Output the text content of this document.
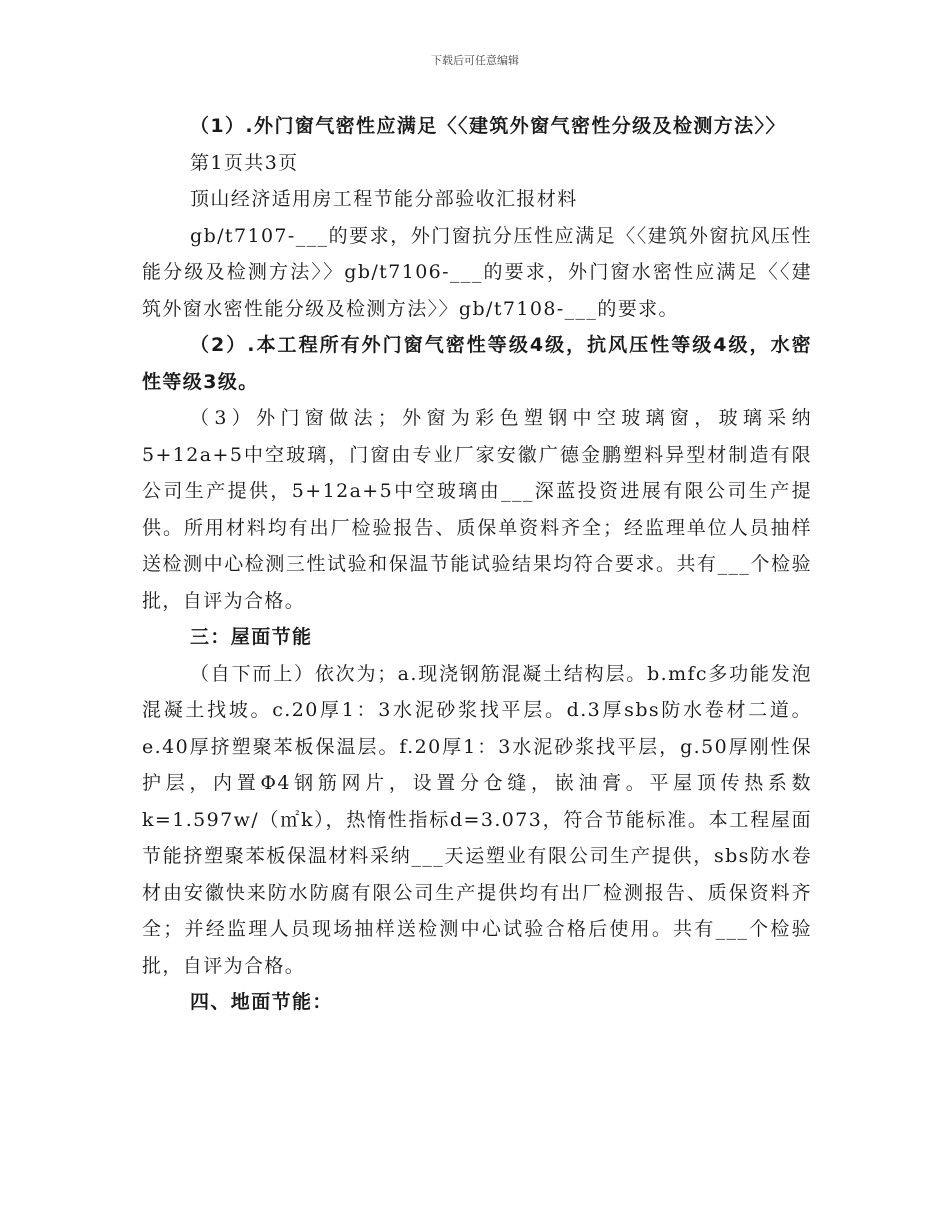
下载后可任意编辑

（1）.外门窗气密性应满足〈〈建筑外窗气密性分级及检测方法〉〉

第1页共3页

顶山经济适用房工程节能分部验收汇报材料

gb/t7107-___的要求，外门窗抗分压性应满足〈〈建筑外窗抗风压性能分级及检测方法〉〉gb/t7106-___的要求，外门窗水密性应满足〈〈建筑外窗水密性能分级及检测方法〉〉gb/t7108-___的要求。

（2）.本工程所有外门窗气密性等级4级，抗风压性等级4级，水密性等级3级。

（3）外门窗做法；外窗为彩色塑钢中空玻璃窗，玻璃采纳5+12a+5中空玻璃，门窗由专业厂家安徽广德金鹏塑料异型材制造有限公司生产提供，5+12a+5中空玻璃由___深蓝投资进展有限公司生产提供。所用材料均有出厂检验报告、质保单资料齐全；经监理单位人员抽样送检测中心检测三性试验和保温节能试验结果均符合要求。共有___个检验批，自评为合格。

三：屋面节能

（自下而上）依次为；a.现浇钢筋混凝土结构层。b.mfc多功能发泡混凝土找坡。c.20厚1：3水泥砂浆找平层。d.3厚sbs防水卷材二道。e.40厚挤塑聚苯板保温层。f.20厚1：3水泥砂浆找平层，g.50厚刚性保护层，内置Φ4钢筋网片，设置分仓缝，嵌油膏。平屋顶传热系数k=1.597w/（㎡k），热惰性指标d=3.073，符合节能标准。本工程屋面节能挤塑聚苯板保温材料采纳___天运塑业有限公司生产提供，sbs防水卷材由安徽快来防水防腐有限公司生产提供均有出厂检测报告、质保资料齐全；并经监理人员现场抽样送检测中心试验合格后使用。共有___个检验批，自评为合格。

四、地面节能：
